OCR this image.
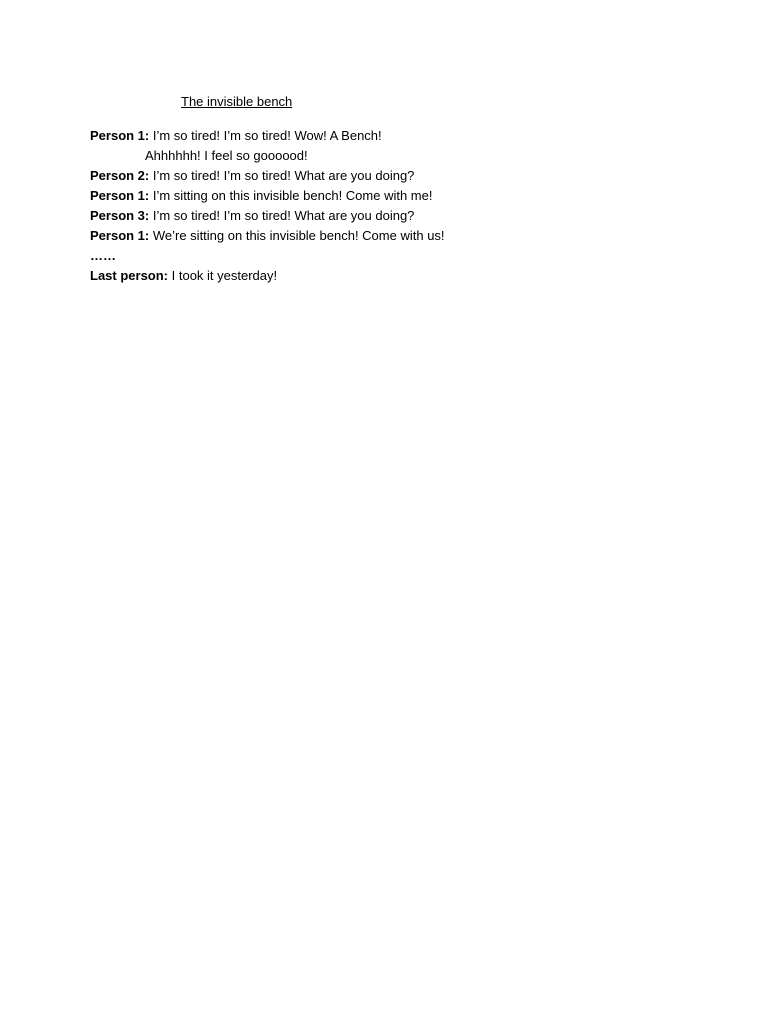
The invisible bench
Person 1: I’m so tired! I’m so tired! Wow! A Bench!
Ahhhhhh! I feel so goooood!
Person 2: I’m so tired! I’m so tired! What are you doing?
Person 1: I’m sitting on this invisible bench! Come with me!
Person 3: I’m so tired! I’m so tired! What are you doing?
Person 1: We’re sitting on this invisible bench! Come with us!
……
Last person: I took it yesterday!
